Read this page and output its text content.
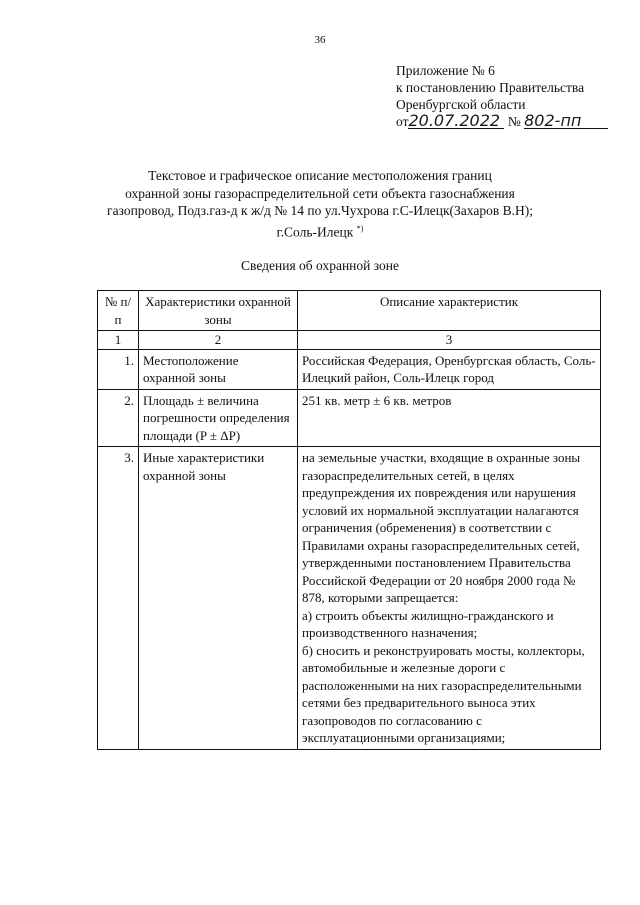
36
Приложение № 6
к постановлению Правительства
Оренбургской области
от20.07.2022 № 802-пп
Текстовое и графическое описание местоположения границ
охранной зоны газораспределительной сети объекта газоснабжения
газопровод, Подз.газ-д к ж/д № 14 по ул.Чухрова г.С-Илецк(Захаров В.Н);
г.Соль-Илецк *)
Сведения об охранной зоне
№ п/п	Характеристики охранной зоны	Описание характеристик
1	2	3
1.	Местоположение охранной зоны	Российская Федерация, Оренбургская область, Соль-Илецкий район, Соль-Илецк город
2.	Площадь ± величина погрешности определения площади (P ± ΔP)	251 кв. метр ± 6 кв. метров
3.	Иные характеристики охранной зоны	на земельные участки, входящие в охранные зоны газораспределительных сетей, в целях предупреждения их повреждения или нарушения условий их нормальной эксплуатации налагаются ограничения (обременения) в соответствии с Правилами охраны газораспределительных сетей, утвержденными постановлением Правительства Российской Федерации от 20 ноября 2000 года № 878, которыми запрещается:
а) строить объекты жилищно-гражданского и производственного назначения;
б) сносить и реконструировать мосты, коллекторы, автомобильные и железные дороги с расположенными на них газораспределительными сетями без предварительного выноса этих газопроводов по согласованию с эксплуатационными организациями;
